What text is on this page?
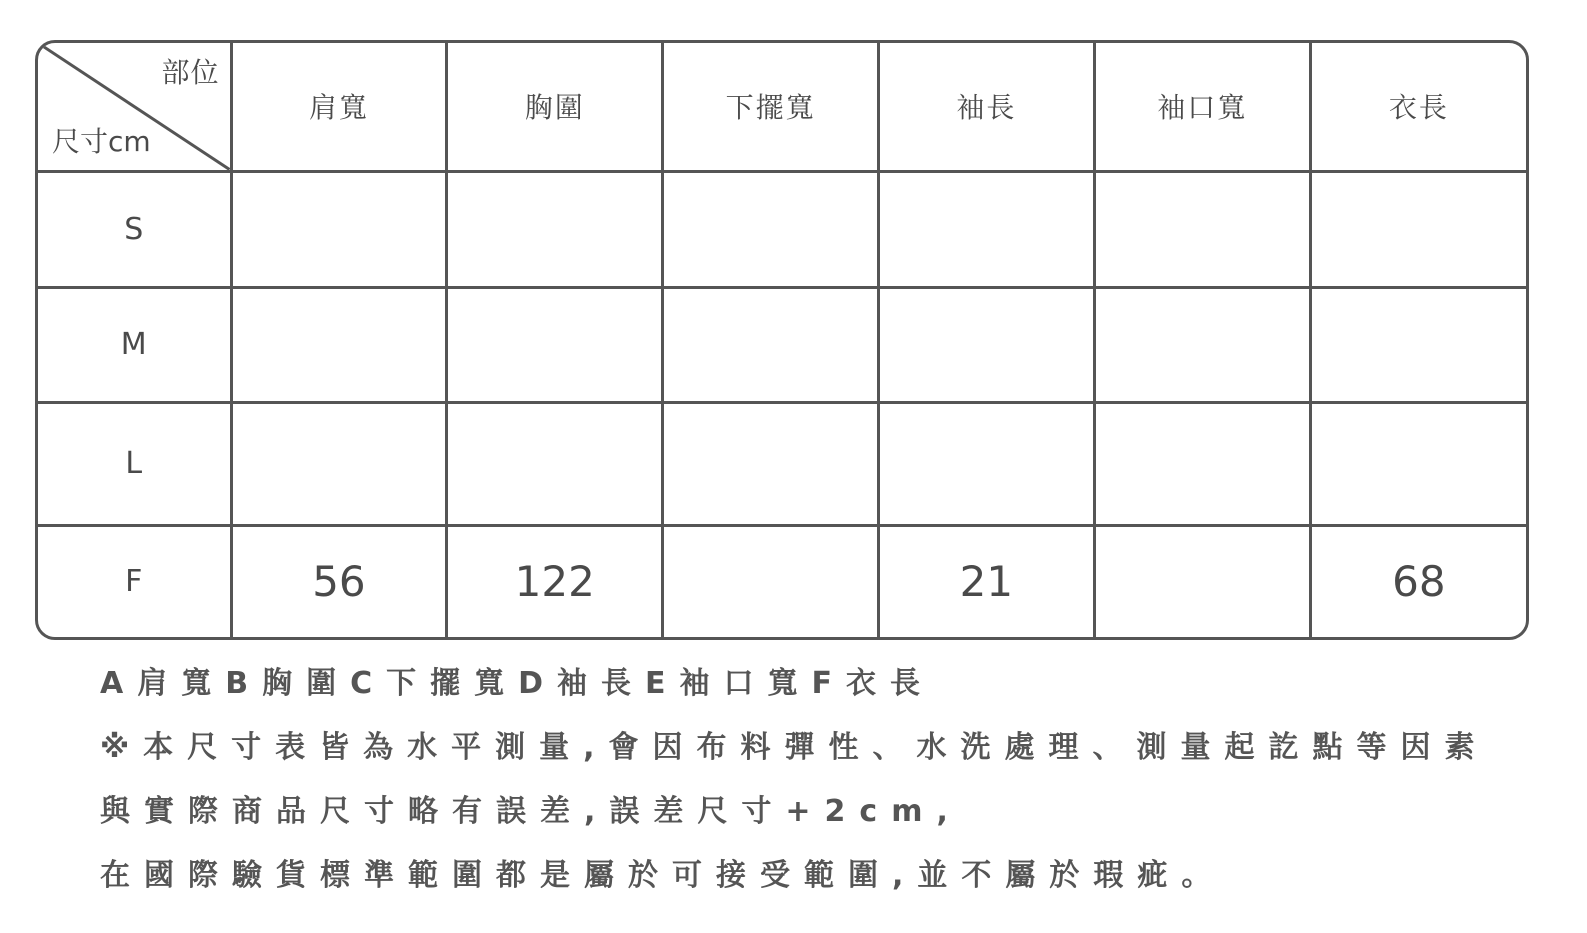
部位
尺寸cm	肩寬	胸圍	下擺寬	袖長	袖口寬	衣長
S						
M						
L						
F	56	122		21		68
A肩寬B胸圍C下擺寬D袖長E袖口寬F衣長
※本尺寸表皆為水平測量,會因布料彈性、水洗處理、測量起訖點等因素
與實際商品尺寸略有誤差,誤差尺寸+2cm,
在國際驗貨標準範圍都是屬於可接受範圍,並不屬於瑕疵。
